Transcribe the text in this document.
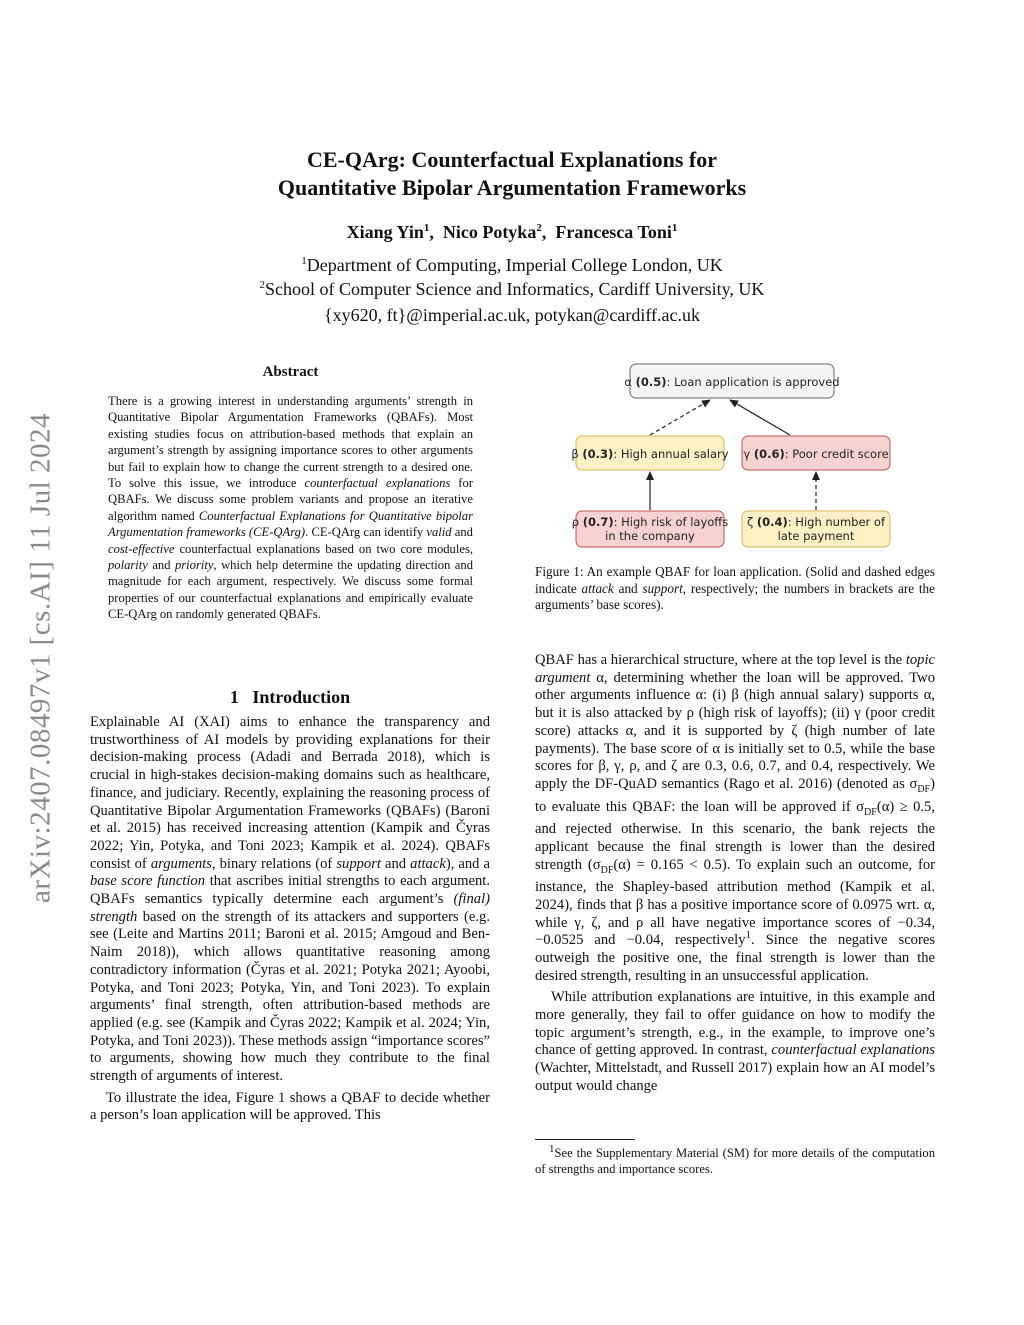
CE-QArg: Counterfactual Explanations for
Quantitative Bipolar Argumentation Frameworks
Xiang Yin$^1$,  Nico Potyka$^2$,  Francesca Toni$^1$
$^1$Department of Computing, Imperial College London, UK
$^2$School of Computer Science and Informatics, Cardiff University, UK
{xy620, ft}@imperial.ac.uk, potykan@cardiff.ac.uk
arXiv:2407.08497v1 [cs.AI] 11 Jul 2024
Abstract

There is a growing interest in understanding arguments’ strength in Quantitative Bipolar Argumentation Frameworks (QBAFs). Most existing studies focus on attribution-based methods that explain an argument’s strength by assigning importance scores to other arguments but fail to explain how to change the current strength to a desired one. To solve this issue, we introduce counterfactual explanations for QBAFs. We discuss some problem variants and propose an iterative algorithm named Counterfactual Explanations for Quantitative bipolar Argumentation frameworks (CE-QArg). CE-QArg can identify valid and cost-effective counterfactual explanations based on two core modules, polarity and priority, which help determine the updating direction and magnitude for each argument, respectively. We discuss some formal properties of our counterfactual explanations and empirically evaluate CE-QArg on randomly generated QBAFs.

1 Introduction

Explainable AI (XAI) aims to enhance the transparency and trustworthiness of AI models by providing explanations for their decision-making process (Adadi and Berrada 2018), which is crucial in high-stakes decision-making domains such as healthcare, finance, and judiciary. Recently, explaining the reasoning process of Quantitative Bipolar Argumentation Frameworks (QBAFs) (Baroni et al. 2015) has received increasing attention (Kampik and Čyras 2022; Yin, Potyka, and Toni 2023; Kampik et al. 2024). QBAFs consist of arguments, binary relations (of support and attack), and a base score function that ascribes initial strengths to each argument. QBAFs semantics typically determine each argument’s (final) strength based on the strength of its attackers and supporters (e.g. see (Leite and Martins 2011; Baroni et al. 2015; Amgoud and Ben-Naim 2018)), which allows quantitative reasoning among contradictory information (Čyras et al. 2021; Potyka 2021; Ayoobi, Potyka, and Toni 2023; Potyka, Yin, and Toni 2023). To explain arguments’ final strength, often attribution-based methods are applied (e.g. see (Kampik and Čyras 2022; Kampik et al. 2024; Yin, Potyka, and Toni 2023)). These methods assign “importance scores” to arguments, showing how much they contribute to the final strength of arguments of interest.

To illustrate the idea, Figure 1 shows a QBAF to decide whether a person’s loan application will be approved. This

α (0.5): Loan application is approved
β (0.3): High annual salary γ (0.6): Poor credit score
ρ (0.7): High risk of layoffs
in the company
ζ (0.4): High number of
late payment
Figure 1: An example QBAF for loan application. (Solid and dashed edges indicate attack and support, respectively; the numbers in brackets are the arguments’ base scores).

QBAF has a hierarchical structure, where at the top level is the topic argument α, determining whether the loan will be approved. Two other arguments influence α: (i) β (high annual salary) supports α, but it is also attacked by ρ (high risk of layoffs); (ii) γ (poor credit score) attacks α, and it is supported by ζ (high number of late payments). The base score of α is initially set to 0.5, while the base scores for β, γ, ρ, and ζ are 0.3, 0.6, 0.7, and 0.4, respectively. We apply the DF-QuAD semantics (Rago et al. 2016) (denoted as $\sigma_{DF}$) to evaluate this QBAF: the loan will be approved if $\sigma_{DF}(\alpha) \ge 0.5$, and rejected otherwise. In this scenario, the bank rejects the applicant because the final strength is lower than the desired strength $(\sigma_{DF}(\alpha) = 0.165 < 0.5)$. To explain such an outcome, for instance, the Shapley-based attribution method (Kampik et al. 2024), finds that β has a positive importance score of 0.0975 wrt. α, while γ, ζ, and ρ all have negative importance scores of −0.34, −0.0525 and −0.04, respectively$^1$. Since the negative scores outweigh the positive one, the final strength is lower than the desired strength, resulting in an unsuccessful application.

While attribution explanations are intuitive, in this example and more generally, they fail to offer guidance on how to modify the topic argument’s strength, e.g., in the example, to improve one’s chance of getting approved. In contrast, counterfactual explanations (Wachter, Mittelstadt, and Russell 2017) explain how an AI model’s output would change

$^1$See the Supplementary Material (SM) for more details of the computation of strengths and importance scores.
